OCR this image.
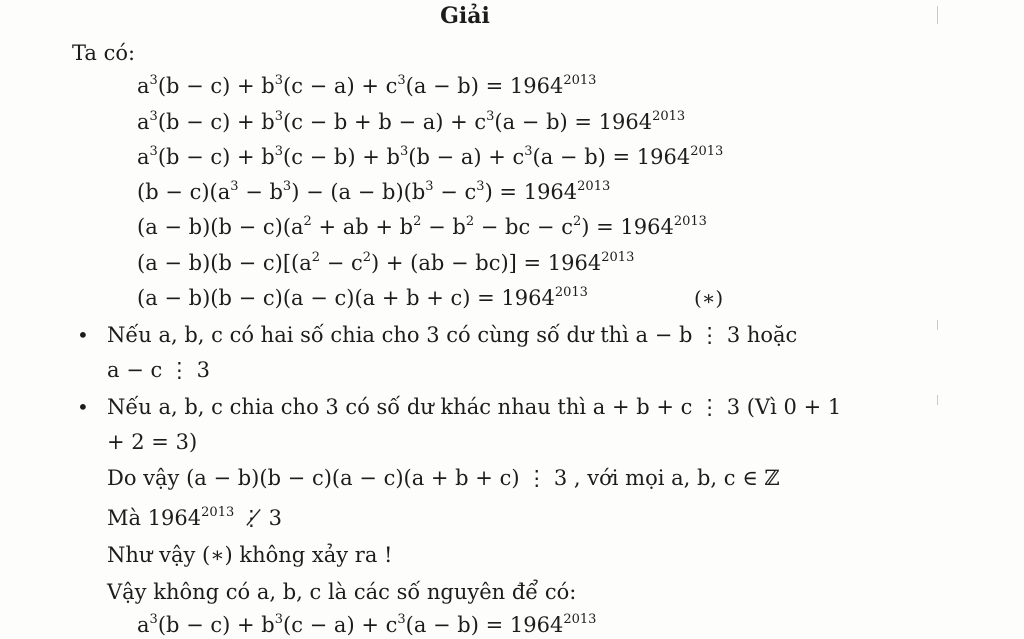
Giải
Ta có:
$a^3(b - c) + b^3(c - a) + c^3(a - b) = 1964^{2013}$
$a^3(b - c) + b^3(c - b + b - a) + c^3(a - b) = 1964^{2013}$
$a^3(b - c) + b^3(c - b) + b^3(b - a) + c^3(a - b) = 1964^{2013}$
$(b - c)(a^3 - b^3) - (a - b)(b^3 - c^3) = 1964^{2013}$
$(a - b)(b - c)(a^2$ + ab + $b^2 - b^2$ − bc − $c^2) = 1964^{2013}$
$(a - b)(b - c)[(a^2 - c^2) + (ab - bc)] = 1964^{2013}$
$(a - b)(b - c)(a - c)(a + b + c) = 1964^{2013}$	(∗)
• Nếu a, b, c có hai số chia cho 3 có cùng số dư thì a − b ⋮ 3 hoặc
a − c ⋮ 3
• Nếu a, b, c chia cho 3 có số dư khác nhau thì a + b + c ⋮ 3 (Vì 0 + 1
+ 2 = 3)
Do vậy (a − b)(b − c)(a − c)(a + b + c) ⋮ 3 , với mọi a, b, c ∈ ℤ
Mà $1964^{2013}$ ⋮̸ 3
Như vậy (∗) không xảy ra !
Vậy không có a, b, c là các số nguyên để có:
$a^3(b - c) + b^3(c - a) + c^3(a - b) = 1964^{2013}$
